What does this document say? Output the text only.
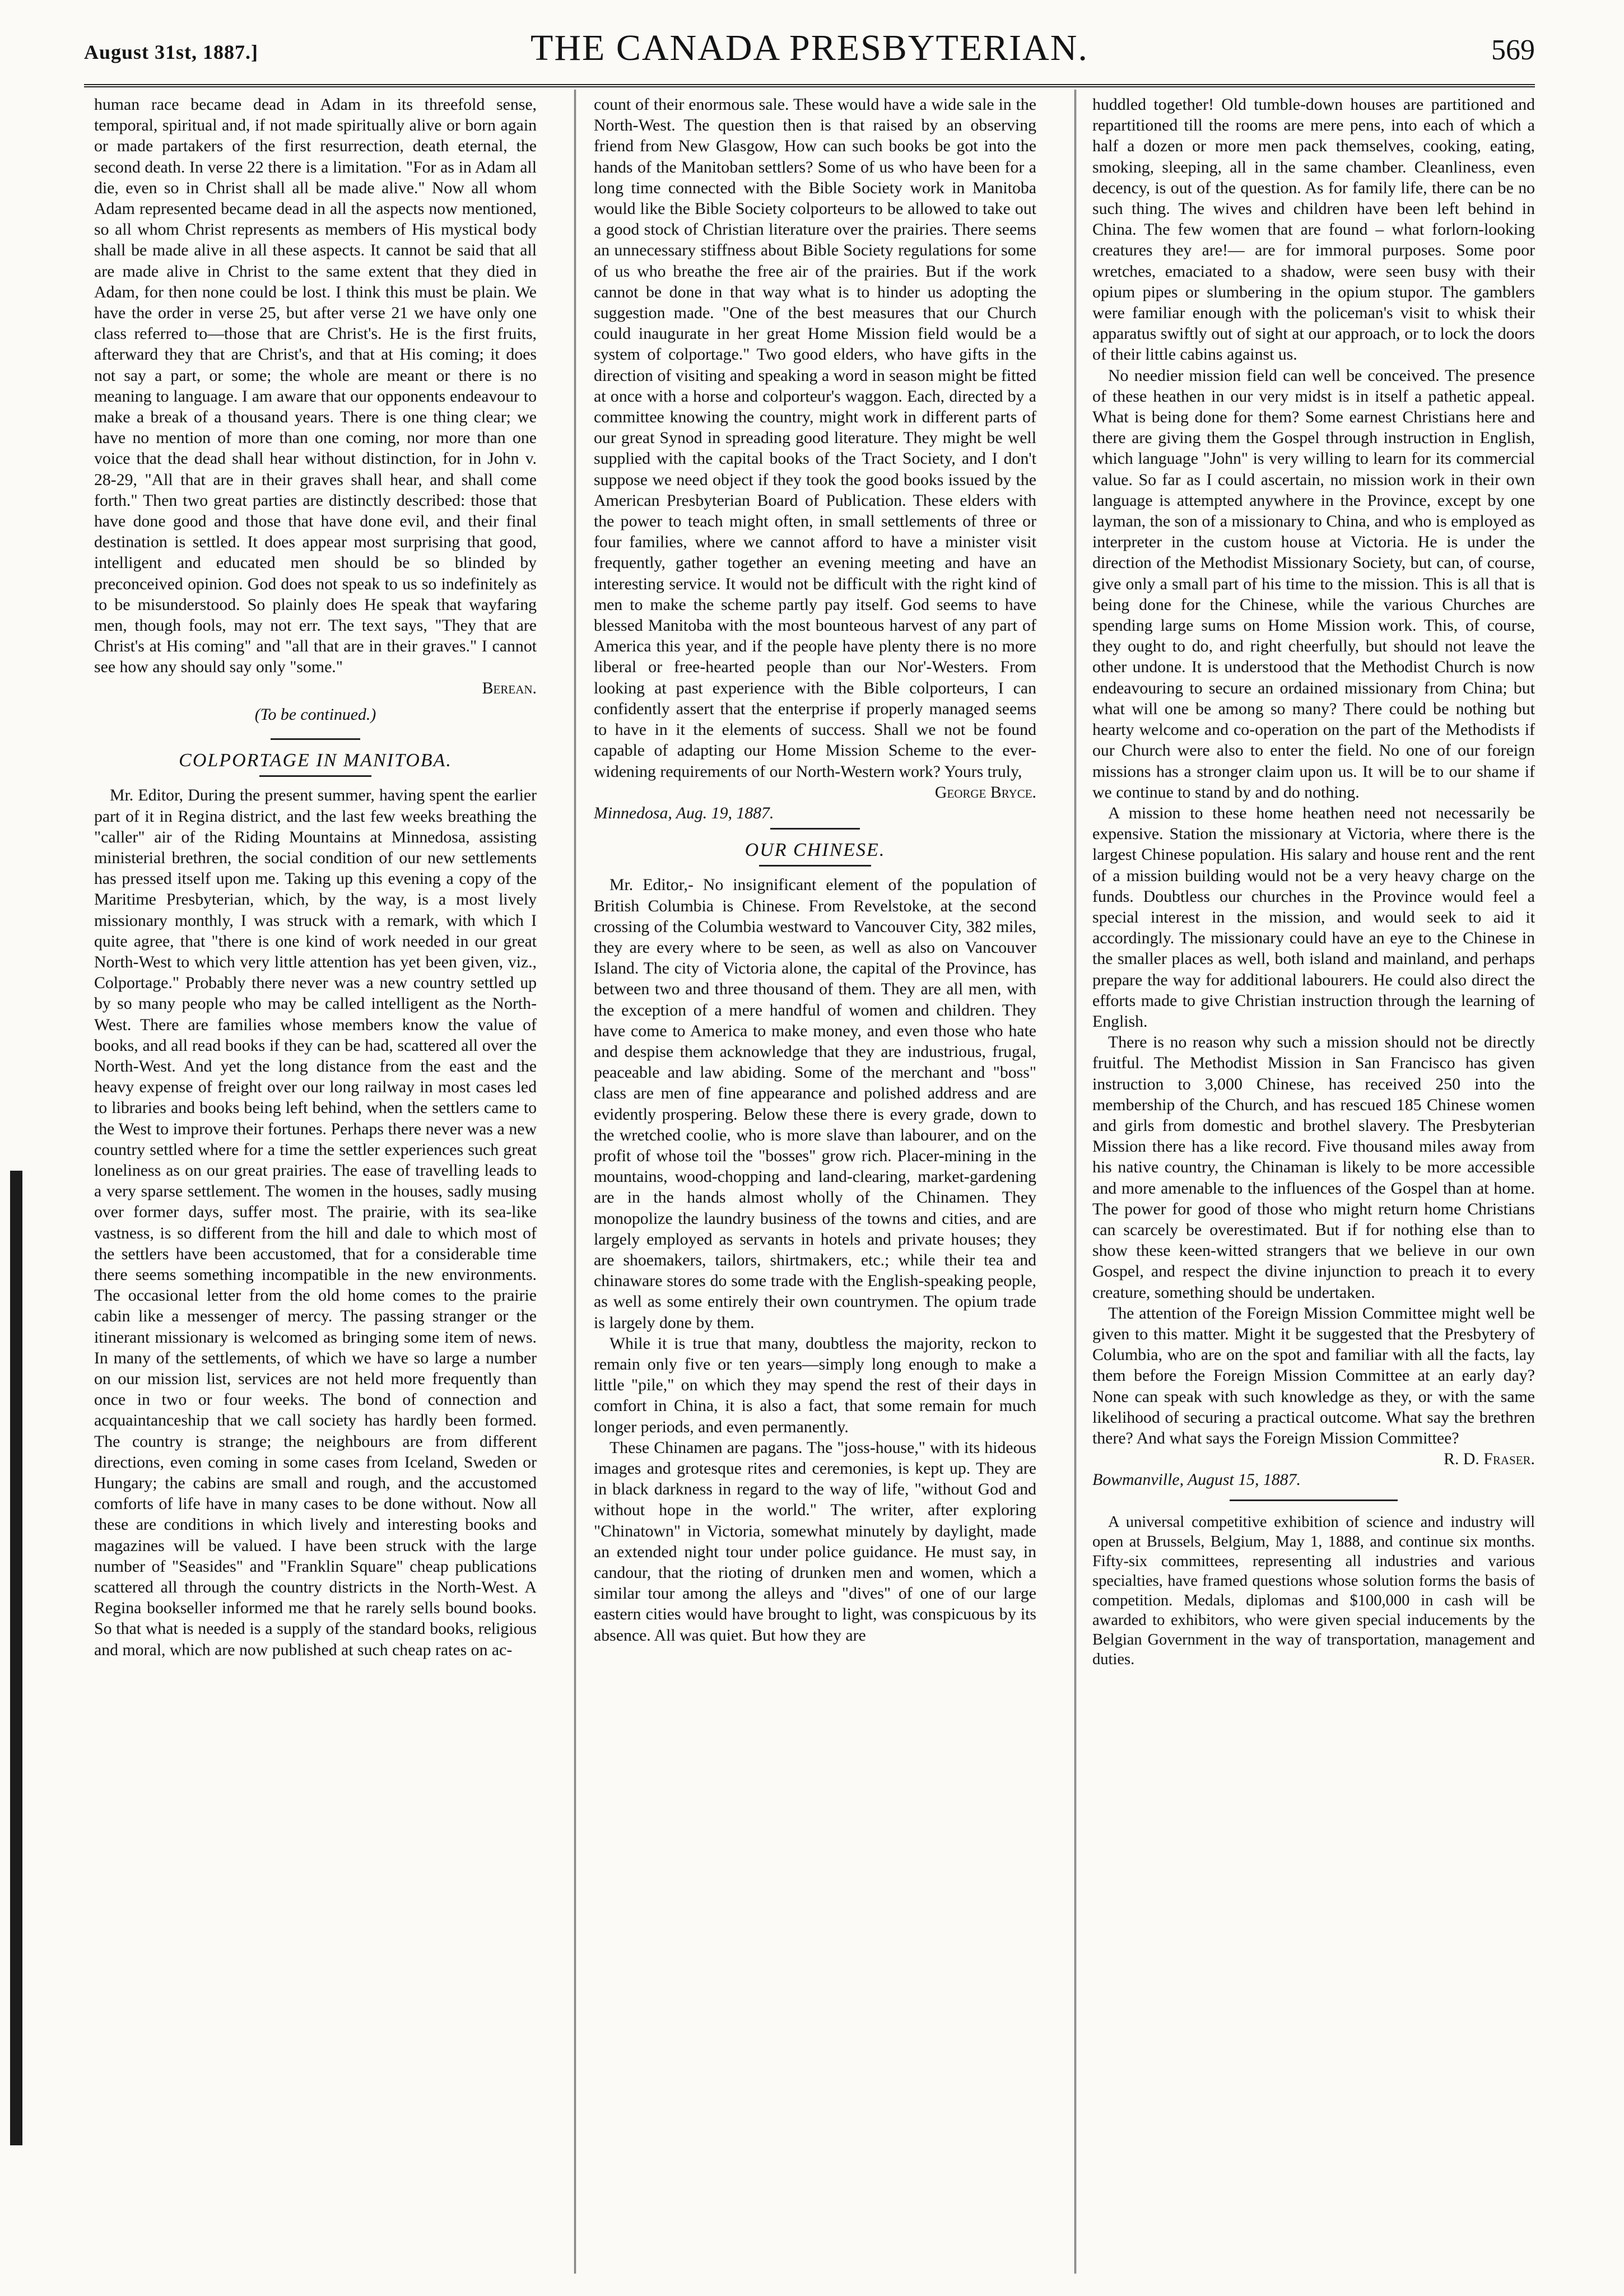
August 31st, 1887.]	THE CANADA PRESBYTERIAN.	569

human race became dead in Adam in its threefold sense, temporal, spiritual and, if not made spiritually alive or born again or made partakers of the first resurrection, death eternal, the second death. In verse 22 there is a limitation. "For as in Adam all die, even so in Christ shall all be made alive." Now all whom Adam represented became dead in all the aspects now mentioned, so all whom Christ represents as members of His mystical body shall be made alive in all these aspects. It cannot be said that all are made alive in Christ to the same extent that they died in Adam, for then none could be lost. I think this must be plain. We have the order in verse 25, but after verse 21 we have only one class referred to—those that are Christ's. He is the first fruits, afterward they that are Christ's, and that at His coming; it does not say a part, or some; the whole are meant or there is no meaning to language. I am aware that our opponents endeavour to make a break of a thousand years. There is one thing clear; we have no mention of more than one coming, nor more than one voice that the dead shall hear without distinction, for in John v. 28-29, "All that are in their graves shall hear, and shall come forth." Then two great parties are distinctly described: those that have done good and those that have done evil, and their final destination is settled. It does appear most surprising that good, intelligent and educated men should be so blinded by preconceived opinion. God does not speak to us so indefinitely as to be misunderstood. So plainly does He speak that wayfaring men, though fools, may not err. The text says, "They that are Christ's at His coming" and "all that are in their graves." I cannot see how any should say only "some."

Berean.
(To be continued.)
COLPORTAGE IN MANITOBA.

Mr. Editor, During the present summer, having spent the earlier part of it in Regina district, and the last few weeks breathing the "caller" air of the Riding Mountains at Minnedosa, assisting ministerial brethren, the social condition of our new settlements has pressed itself upon me. Taking up this evening a copy of the Maritime Presbyterian, which, by the way, is a most lively missionary monthly, I was struck with a remark, with which I quite agree, that "there is one kind of work needed in our great North-West to which very little attention has yet been given, viz., Colportage." Probably there never was a new country settled up by so many people who may be called intelligent as the North-West. There are families whose members know the value of books, and all read books if they can be had, scattered all over the North-West. And yet the long distance from the east and the heavy expense of freight over our long railway in most cases led to libraries and books being left behind, when the settlers came to the West to improve their fortunes. Perhaps there never was a new country settled where for a time the settler experiences such great loneliness as on our great prairies. The ease of travelling leads to a very sparse settlement. The women in the houses, sadly musing over former days, suffer most. The prairie, with its sea-like vastness, is so different from the hill and dale to which most of the settlers have been accustomed, that for a considerable time there seems something incompatible in the new environments. The occasional letter from the old home comes to the prairie cabin like a messenger of mercy. The passing stranger or the itinerant missionary is welcomed as bringing some item of news. In many of the settlements, of which we have so large a number on our mission list, services are not held more frequently than once in two or four weeks. The bond of connection and acquaintanceship that we call society has hardly been formed. The country is strange; the neighbours are from different directions, even coming in some cases from Iceland, Sweden or Hungary; the cabins are small and rough, and the accustomed comforts of life have in many cases to be done without. Now all these are conditions in which lively and interesting books and magazines will be valued. I have been struck with the large number of "Seasides" and "Franklin Square" cheap publications scattered all through the country districts in the North-West. A Regina bookseller informed me that he rarely sells bound books. So that what is needed is a supply of the standard books, religious and moral, which are now published at such cheap rates on ac-

count of their enormous sale. These would have a wide sale in the North-West. The question then is that raised by an observing friend from New Glasgow, How can such books be got into the hands of the Manitoban settlers? Some of us who have been for a long time connected with the Bible Society work in Manitoba would like the Bible Society colporteurs to be allowed to take out a good stock of Christian literature over the prairies. There seems an unnecessary stiffness about Bible Society regulations for some of us who breathe the free air of the prairies. But if the work cannot be done in that way what is to hinder us adopting the suggestion made. "One of the best measures that our Church could inaugurate in her great Home Mission field would be a system of colportage." Two good elders, who have gifts in the direction of visiting and speaking a word in season might be fitted at once with a horse and colporteur's waggon. Each, directed by a committee knowing the country, might work in different parts of our great Synod in spreading good literature. They might be well supplied with the capital books of the Tract Society, and I don't suppose we need object if they took the good books issued by the American Presbyterian Board of Publication. These elders with the power to teach might often, in small settlements of three or four families, where we cannot afford to have a minister visit frequently, gather together an evening meeting and have an interesting service. It would not be difficult with the right kind of men to make the scheme partly pay itself. God seems to have blessed Manitoba with the most bounteous harvest of any part of America this year, and if the people have plenty there is no more liberal or free-hearted people than our Nor'-Westers. From looking at past experience with the Bible colporteurs, I can confidently assert that the enterprise if properly managed seems to have in it the elements of success. Shall we not be found capable of adapting our Home Mission Scheme to the ever-widening requirements of our North-Western work? Yours truly,

George Bryce.

Minnedosa, Aug. 19, 1887.

OUR CHINESE.

Mr. Editor,- No insignificant element of the population of British Columbia is Chinese. From Revelstoke, at the second crossing of the Columbia westward to Vancouver City, 382 miles, they are every where to be seen, as well as also on Vancouver Island. The city of Victoria alone, the capital of the Province, has between two and three thousand of them. They are all men, with the exception of a mere handful of women and children. They have come to America to make money, and even those who hate and despise them acknowledge that they are industrious, frugal, peaceable and law abiding. Some of the merchant and "boss" class are men of fine appearance and polished address and are evidently prospering. Below these there is every grade, down to the wretched coolie, who is more slave than labourer, and on the profit of whose toil the "bosses" grow rich. Placer-mining in the mountains, wood-chopping and land-clearing, market-gardening are in the hands almost wholly of the Chinamen. They monopolize the laundry business of the towns and cities, and are largely employed as servants in hotels and private houses; they are shoemakers, tailors, shirtmakers, etc.; while their tea and chinaware stores do some trade with the English-speaking people, as well as some entirely their own countrymen. The opium trade is largely done by them.

While it is true that many, doubtless the majority, reckon to remain only five or ten years—simply long enough to make a little "pile," on which they may spend the rest of their days in comfort in China, it is also a fact, that some remain for much longer periods, and even permanently.

These Chinamen are pagans. The "joss-house," with its hideous images and grotesque rites and ceremonies, is kept up. They are in black darkness in regard to the way of life, "without God and without hope in the world." The writer, after exploring "Chinatown" in Victoria, somewhat minutely by daylight, made an extended night tour under police guidance. He must say, in candour, that the rioting of drunken men and women, which a similar tour among the alleys and "dives" of one of our large eastern cities would have brought to light, was conspicuous by its absence. All was quiet. But how they are

huddled together! Old tumble-down houses are partitioned and repartitioned till the rooms are mere pens, into each of which a half a dozen or more men pack themselves, cooking, eating, smoking, sleeping, all in the same chamber. Cleanliness, even decency, is out of the question. As for family life, there can be no such thing. The wives and children have been left behind in China. The few women that are found – what forlorn-looking creatures they are!— are for immoral purposes. Some poor wretches, emaciated to a shadow, were seen busy with their opium pipes or slumbering in the opium stupor. The gamblers were familiar enough with the policeman's visit to whisk their apparatus swiftly out of sight at our approach, or to lock the doors of their little cabins against us.

No needier mission field can well be conceived. The presence of these heathen in our very midst is in itself a pathetic appeal. What is being done for them? Some earnest Christians here and there are giving them the Gospel through instruction in English, which language "John" is very willing to learn for its commercial value. So far as I could ascertain, no mission work in their own language is attempted anywhere in the Province, except by one layman, the son of a missionary to China, and who is employed as interpreter in the custom house at Victoria. He is under the direction of the Methodist Missionary Society, but can, of course, give only a small part of his time to the mission. This is all that is being done for the Chinese, while the various Churches are spending large sums on Home Mission work. This, of course, they ought to do, and right cheerfully, but should not leave the other undone. It is understood that the Methodist Church is now endeavouring to secure an ordained missionary from China; but what will one be among so many? There could be nothing but hearty welcome and co-operation on the part of the Methodists if our Church were also to enter the field. No one of our foreign missions has a stronger claim upon us. It will be to our shame if we continue to stand by and do nothing.

A mission to these home heathen need not necessarily be expensive. Station the missionary at Victoria, where there is the largest Chinese population. His salary and house rent and the rent of a mission building would not be a very heavy charge on the funds. Doubtless our churches in the Province would feel a special interest in the mission, and would seek to aid it accordingly. The missionary could have an eye to the Chinese in the smaller places as well, both island and mainland, and perhaps prepare the way for additional labourers. He could also direct the efforts made to give Christian instruction through the learning of English.

There is no reason why such a mission should not be directly fruitful. The Methodist Mission in San Francisco has given instruction to 3,000 Chinese, has received 250 into the membership of the Church, and has rescued 185 Chinese women and girls from domestic and brothel slavery. The Presbyterian Mission there has a like record. Five thousand miles away from his native country, the Chinaman is likely to be more accessible and more amenable to the influences of the Gospel than at home. The power for good of those who might return home Christians can scarcely be overestimated. But if for nothing else than to show these keen-witted strangers that we believe in our own Gospel, and respect the divine injunction to preach it to every creature, something should be undertaken.

The attention of the Foreign Mission Committee might well be given to this matter. Might it be suggested that the Presbytery of Columbia, who are on the spot and familiar with all the facts, lay them before the Foreign Mission Committee at an early day? None can speak with such knowledge as they, or with the same likelihood of securing a practical outcome. What say the brethren there? And what says the Foreign Mission Committee?

R. D. Fraser.

Bowmanville, August 15, 1887.

A universal competitive exhibition of science and industry will open at Brussels, Belgium, May 1, 1888, and continue six months. Fifty-six committees, representing all industries and various specialties, have framed questions whose solution forms the basis of competition. Medals, diplomas and $100,000 in cash will be awarded to exhibitors, who were given special inducements by the Belgian Government in the way of transportation, management and duties.
